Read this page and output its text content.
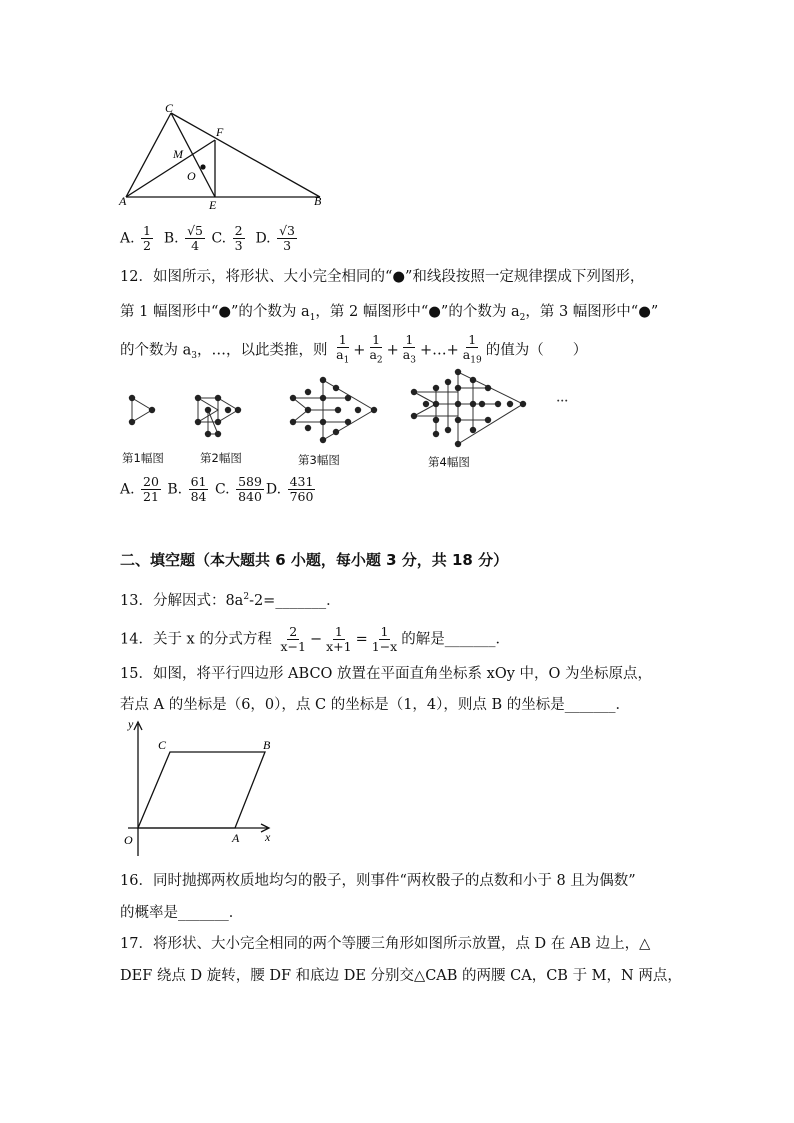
C
F
M
O
A	E	B
A. $\frac{1}{2} B$. $\frac{√5}{4} C$. $\frac{2}{3} D$. $\frac{√3}{3}$
12．如图所示，将形状、大小完全相同的“●”和线段按照一定规律摆成下列图形，
第 1 幅图形中“●”的个数为 $a_1$，第 2 幅图形中“●”的个数为 $a_2$，第 3 幅图形中“●”
的个数为 $a_3$，…，以此类推，则 $\frac{1}{a_1} + \frac{1}{a_2} + \frac{1}{a_3}$ +…+ $\frac{1}{a_{19}}$ 的值为（　　）
···
第1幅图	第2幅图	第3幅图	第4幅图
A. $\frac{20}{21} B$. $\frac{61}{84} C$. $\frac{589}{840} D$. $\frac{431}{760}$
二、填空题（本大题共 6 小题，每小题 3 分，共 18 分）
13．分解因式：$8a^2-2=\_\_\_\_\_\_\_$．
14．关于 x 的分式方程 $\frac{2}{x-1} - \frac{1}{x+1} = \frac{1}{1-x}$ 的解是_______．
15．如图，将平行四边形 ABCO 放置在平面直角坐标系 xOy 中，O 为坐标原点，
若点 A 的坐标是（6，0），点 C 的坐标是（1，4），则点 B 的坐标是_______．
y
x
O	A
B
C
16．同时抛掷两枚质地均匀的骰子，则事件“两枚骰子的点数和小于 8 且为偶数”
的概率是_______．
17．将形状、大小完全相同的两个等腰三角形如图所示放置，点 D 在 AB 边上，△
DEF 绕点 D 旋转，腰 DF 和底边 DE 分别交△CAB 的两腰 CA，CB 于 M，N 两点，
